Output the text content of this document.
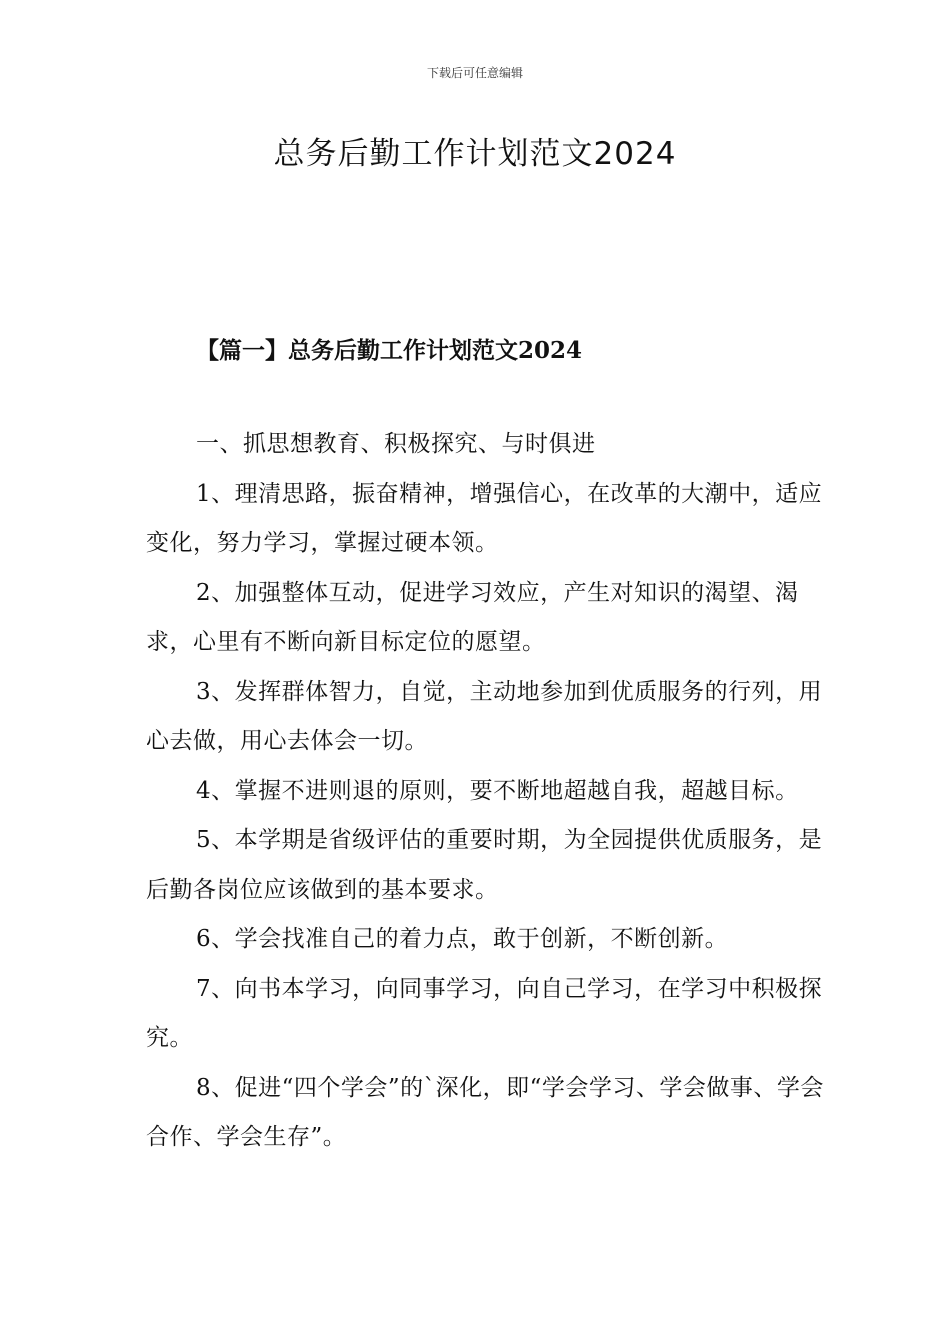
下载后可任意编辑
总务后勤工作计划范文2024
【篇一】总务后勤工作计划范文2024

一、抓思想教育、积极探究、与时俱进

1、理清思路，振奋精神，增强信心，在改革的大潮中，适应变化，努力学习，掌握过硬本领。

2、加强整体互动，促进学习效应，产生对知识的渴望、渴求，心里有不断向新目标定位的愿望。

3、发挥群体智力，自觉，主动地参加到优质服务的行列，用心去做，用心去体会一切。

4、掌握不进则退的原则，要不断地超越自我，超越目标。

5、本学期是省级评估的重要时期，为全园提供优质服务，是后勤各岗位应该做到的基本要求。

6、学会找准自己的着力点，敢于创新，不断创新。

7、向书本学习，向同事学习，向自己学习，在学习中积极探究。

8、促进“四个学会”的`深化，即“学会学习、学会做事、学会合作、学会生存”。
